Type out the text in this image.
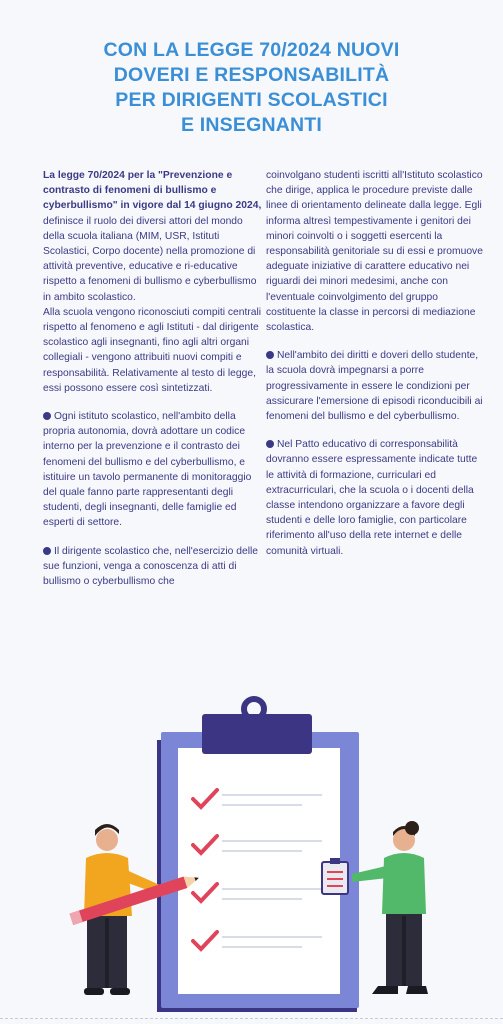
CON LA LEGGE 70/2024 NUOVI
DOVERI E RESPONSABILITÀ
PER DIRIGENTI SCOLASTICI
E INSEGNANTI

La legge 70/2024 per la "Prevenzione e contrasto di fenomeni di bullismo e cyberbullismo" in vigore dal 14 giugno 2024, definisce il ruolo dei diversi attori del mondo della scuola italiana (MIM, USR, Istituti Scolastici, Corpo docente) nella promozione di attività preventive, educative e ri-educative rispetto a fenomeni di bullismo e cyberbullismo in ambito scolastico.

Alla scuola vengono riconosciuti compiti centrali rispetto al fenomeno e agli Istituti - dal dirigente scolastico agli insegnanti, fino agli altri organi collegiali - vengono attribuiti nuovi compiti e responsabilità. Relativamente al testo di legge, essi possono essere così sintetizzati.

Ogni istituto scolastico, nell'ambito della propria autonomia, dovrà adottare un codice interno per la prevenzione e il contrasto dei fenomeni del bullismo e del cyberbullismo, e istituire un tavolo permanente di monitoraggio del quale fanno parte rappresentanti degli studenti, degli insegnanti, delle famiglie ed esperti di settore.

Il dirigente scolastico che, nell'esercizio delle sue funzioni, venga a conoscenza di atti di bullismo o cyberbullismo che

coinvolgano studenti iscritti all'Istituto scolastico che dirige, applica le procedure previste dalle linee di orientamento delineate dalla legge. Egli informa altresì tempestivamente i genitori dei minori coinvolti o i soggetti esercenti la responsabilità genitoriale su di essi e promuove adeguate iniziative di carattere educativo nei riguardi dei minori medesimi, anche con l'eventuale coinvolgimento del gruppo costituente la classe in percorsi di mediazione scolastica.

Nell'ambito dei diritti e doveri dello studente, la scuola dovrà impegnarsi a porre progressivamente in essere le condizioni per assicurare l'emersione di episodi riconducibili ai fenomeni del bullismo e del cyberbullismo.

Nel Patto educativo di corresponsabilità dovranno essere espressamente indicate tutte le attività di formazione, curriculari ed extracurriculari, che la scuola o i docenti della classe intendono organizzare a favore degli studenti e delle loro famiglie, con particolare riferimento all'uso della rete internet e delle comunità virtuali.
